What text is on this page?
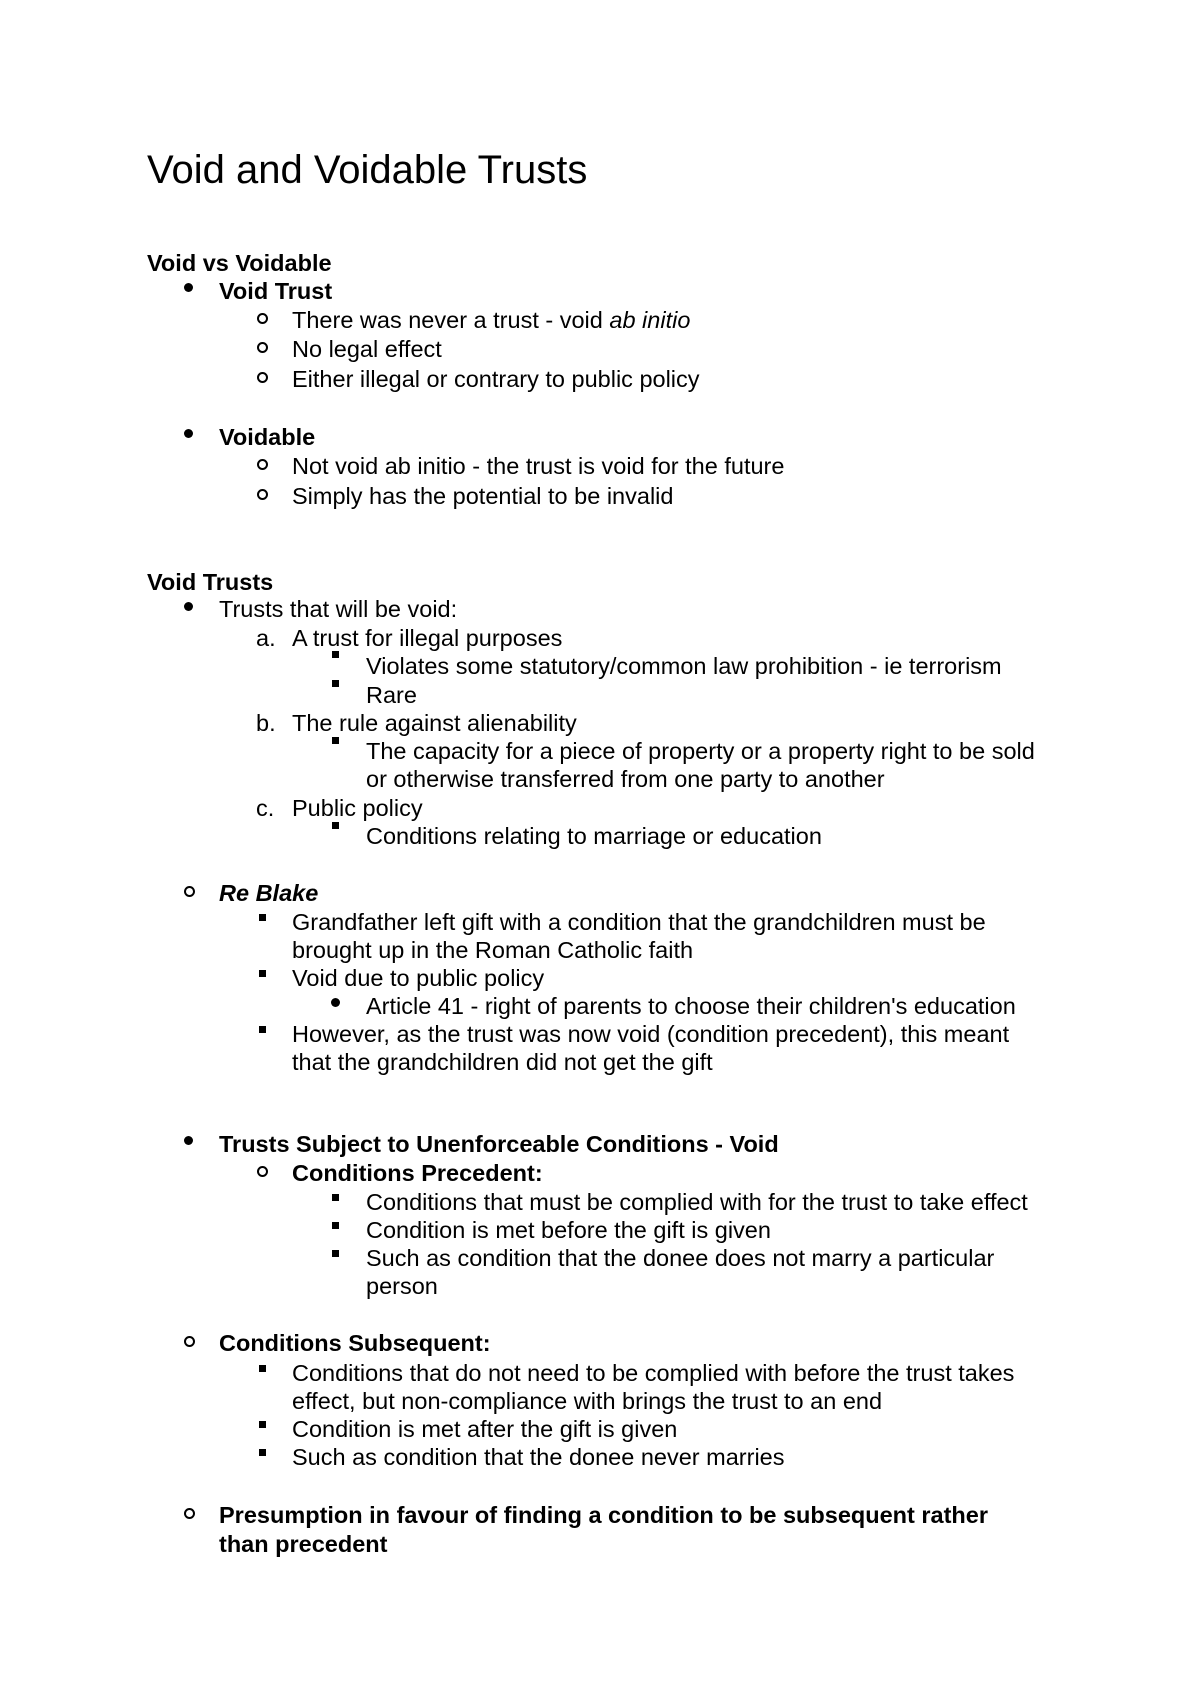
Void and Voidable Trusts
Void vs Voidable
Void Trust
There was never a trust - void ab initio
No legal effect
Either illegal or contrary to public policy
Voidable
Not void ab initio - the trust is void for the future
Simply has the potential to be invalid
Void Trusts
Trusts that will be void:
a. A trust for illegal purposes
Violates some statutory/common law prohibition - ie terrorism
Rare
b. The rule against alienability
The capacity for a piece of property or a property right to be sold
or otherwise transferred from one party to another
c. Public policy
Conditions relating to marriage or education
Re Blake
Grandfather left gift with a condition that the grandchildren must be
brought up in the Roman Catholic faith
Void due to public policy
Article 41 - right of parents to choose their children's education
However, as the trust was now void (condition precedent), this meant
that the grandchildren did not get the gift
Trusts Subject to Unenforceable Conditions - Void
Conditions Precedent:
Conditions that must be complied with for the trust to take effect
Condition is met before the gift is given
Such as condition that the donee does not marry a particular
person
Conditions Subsequent:
Conditions that do not need to be complied with before the trust takes
effect, but non-compliance with brings the trust to an end
Condition is met after the gift is given
Such as condition that the donee never marries
Presumption in favour of finding a condition to be subsequent rather
than precedent
